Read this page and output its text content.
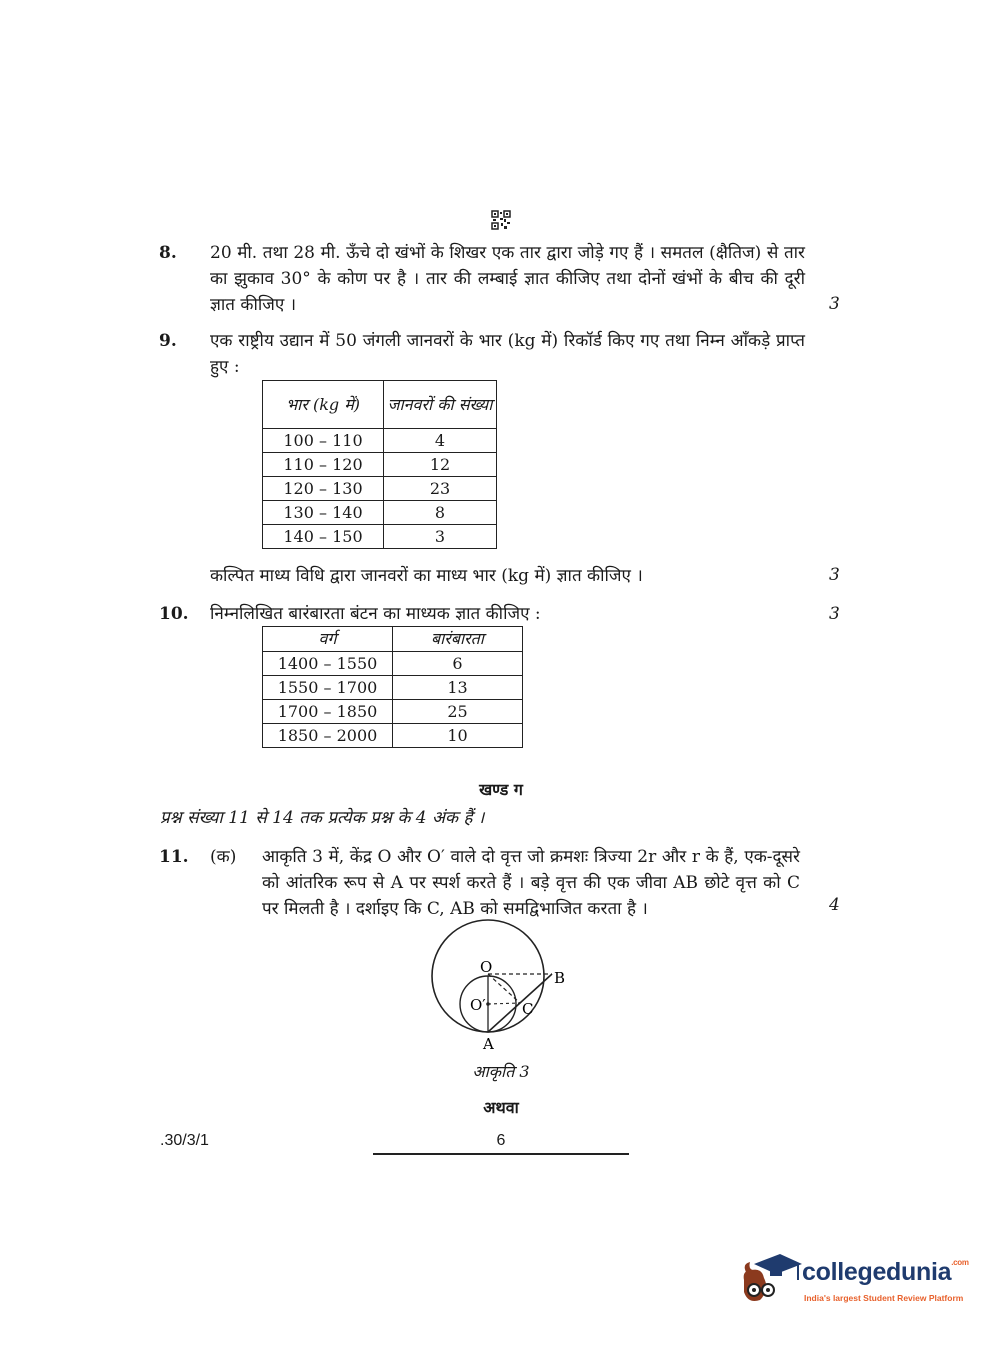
8. 20 मी. तथा 28 मी. ऊँचे दो खंभों के शिखर एक तार द्वारा जोड़े गए हैं । समतल (क्षैतिज) से तार का झुकाव 30° के कोण पर है । तार की लम्बाई ज्ञात कीजिए तथा दोनों खंभों के बीच की दूरी ज्ञात कीजिए ।	3
9. एक राष्ट्रीय उद्यान में 50 जंगली जानवरों के भार (kg में) रिकॉर्ड किए गए तथा निम्न आँकड़े प्राप्त हुए :
भार (kg में)	जानवरों की संख्या
100 – 110	4
110 – 120	12
120 – 130	23
130 – 140	8
140 – 150	3
कल्पित माध्य विधि द्वारा जानवरों का माध्य भार (kg में) ज्ञात कीजिए ।	3
10. निम्नलिखित बारंबारता बंटन का माध्यक ज्ञात कीजिए :	3
वर्ग	बारंबारता
1400 – 1550	6
1550 – 1700	13
1700 – 1850	25
1850 – 2000	10
खण्ड ग
प्रश्न संख्या 11 से 14 तक प्रत्येक प्रश्न के 4 अंक हैं ।
11. (क) आकृति 3 में, केंद्र O और O′ वाले दो वृत्त जो क्रमशः त्रिज्या 2r और r के हैं, एक-दूसरे को आंतरिक रूप से A पर स्पर्श करते हैं । बड़े वृत्त की एक जीवा AB छोटे वृत्त को C पर मिलती है । दर्शाइए कि C, AB को समद्विभाजित करता है ।	4
O
O′
B
C
A
आकृति 3
अथवा
.30/3/1	6
collegedunia$^{.com}$
India's largest Student Review Platform
